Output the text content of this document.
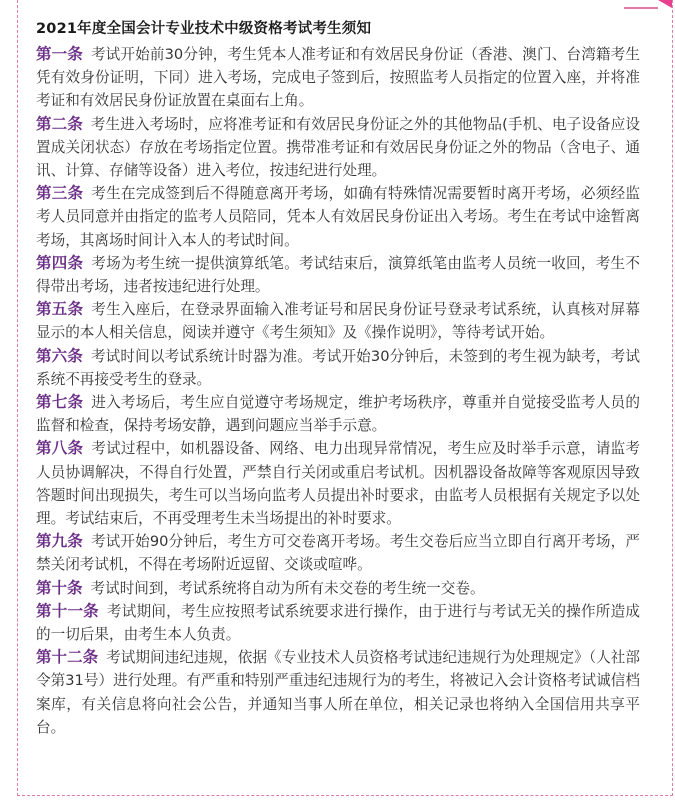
2021年度全国会计专业技术中级资格考试考生须知

第一条 考试开始前30分钟，考生凭本人准考证和有效居民身份证（香港、澳门、台湾籍考生凭有效身份证明，下同）进入考场，完成电子签到后，按照监考人员指定的位置入座，并将准考证和有效居民身份证放置在桌面右上角。

第二条 考生进入考场时，应将准考证和有效居民身份证之外的其他物品(手机、电子设备应设置成关闭状态）存放在考场指定位置。携带准考证和有效居民身份证之外的物品（含电子、通讯、计算、存储等设备）进入考位，按违纪进行处理。

第三条 考生在完成签到后不得随意离开考场，如确有特殊情况需要暂时离开考场，必须经监考人员同意并由指定的监考人员陪同，凭本人有效居民身份证出入考场。考生在考试中途暂离考场，其离场时间计入本人的考试时间。

第四条 考场为考生统一提供演算纸笔。考试结束后，演算纸笔由监考人员统一收回，考生不得带出考场，违者按违纪进行处理。

第五条 考生入座后，在登录界面输入准考证号和居民身份证号登录考试系统，认真核对屏幕显示的本人相关信息，阅读并遵守《考生须知》及《操作说明》，等待考试开始。

第六条 考试时间以考试系统计时器为准。考试开始30分钟后，未签到的考生视为缺考，考试系统不再接受考生的登录。

第七条 进入考场后，考生应自觉遵守考场规定，维护考场秩序，尊重并自觉接受监考人员的监督和检查，保持考场安静，遇到问题应当举手示意。

第八条 考试过程中，如机器设备、网络、电力出现异常情况，考生应及时举手示意，请监考人员协调解决，不得自行处置，严禁自行关闭或重启考试机。因机器设备故障等客观原因导致答题时间出现损失，考生可以当场向监考人员提出补时要求，由监考人员根据有关规定予以处理。考试结束后，不再受理考生未当场提出的补时要求。

第九条 考试开始90分钟后，考生方可交卷离开考场。考生交卷后应当立即自行离开考场，严禁关闭考试机，不得在考场附近逗留、交谈或喧哗。

第十条 考试时间到，考试系统将自动为所有未交卷的考生统一交卷。

第十一条 考试期间，考生应按照考试系统要求进行操作，由于进行与考试无关的操作所造成的一切后果，由考生本人负责。

第十二条 考试期间违纪违规，依据《专业技术人员资格考试违纪违规行为处理规定》（人社部令第31号）进行处理。有严重和特别严重违纪违规行为的考生，将被记入会计资格考试诚信档案库，有关信息将向社会公告，并通知当事人所在单位，相关记录也将纳入全国信用共享平台。
